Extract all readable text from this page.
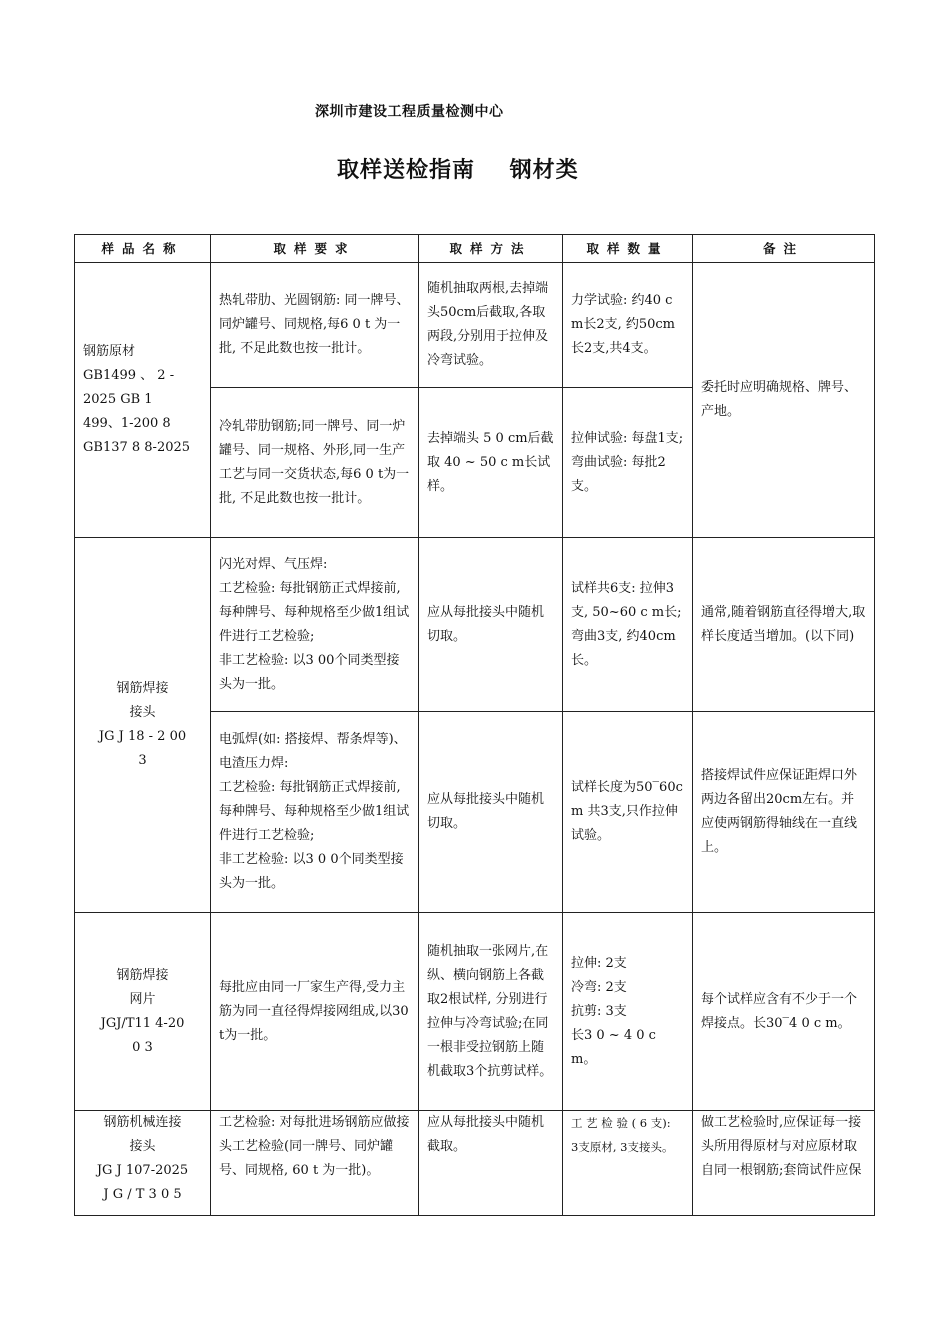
深圳市建设工程质量检测中心
取样送检指南    钢材类
样品名称	取样要求	取样方法	取样数量	备注

钢筋原材
GB1499 、 2 -
2025 GB 1
499、1-200 8
GB137 8 8-2025	热轧带肋、光圆钢筋: 同一牌号、同炉罐号、同规格,每6 0 t 为一批, 不足此数也按一批计。	随机抽取两根,去掉端头50cm后截取,各取两段,分别用于拉伸及冷弯试验。	力学试验: 约40 c m长2支, 约50cm 长2支,共4支。	委托时应明确规格、牌号、产地。
	冷轧带肋钢筋;同一牌号、同一炉罐号、同一规格、外形,同一生产工艺与同一交货状态,每6 0 t为一批, 不足此数也按一批计。	去掉端头 5 0 cm后截取 40 ~ 50 c m长试样。	拉伸试验: 每盘1支; 弯曲试验: 每批2支。	

钢筋焊接
接头
JG J 18 - 2 00
3	闪光对焊、气压焊:
工艺检验: 每批钢筋正式焊接前,每种牌号、每种规格至少做1组试件进行工艺检验;
非工艺检验: 以3 00个同类型接头为一批。	应从每批接头中随机切取。	试样共6支: 拉伸3支, 50~60 c m长; 弯曲3支, 约40cm长。	通常,随着钢筋直径得增大,取样长度适当增加。(以下同)

	电弧焊(如: 搭接焊、帮条焊等)、电渣压力焊:
工艺检验: 每批钢筋正式焊接前,每种牌号、每种规格至少做1组试件进行工艺检验;
非工艺检验: 以3 0 0个同类型接头为一批。	应从每批接头中随机切取。	试样长度为50‾60cm 共3支,只作拉伸试验。	搭接焊试件应保证距焊口外两边各留出20cm左右。并应使两钢筋得轴线在一直线上。

钢筋焊接
网片
JGJ/T11 4-20
0 3	每批应由同一厂家生产得,受力主筋为同一直径得焊接网组成,以30t为一批。	随机抽取一张网片,在纵、横向钢筋上各截取2根试样, 分别进行拉伸与冷弯试验;在同一根非受拉钢筋上随机截取3个抗剪试样。	拉伸: 2支
冷弯: 2支
抗剪: 3支
长3 0 ~ 4 0 c m。	每个试样应含有不少于一个焊接点。长30‾4 0 c m。

钢筋机械连接
接头
JG J 107-2025
J G / T 3 0 5	工艺检验: 对每批进场钢筋应做接头工艺检验(同一牌号、同炉罐号、同规格, 60 t 为一批)。	应从每批接头中随机截取。	工 艺 检 验 ( 6 支):
3支原材, 3支接头。	做工艺检验时,应保证每一接头所用得原材与对应原材取自同一根钢筋;套筒试件应保
